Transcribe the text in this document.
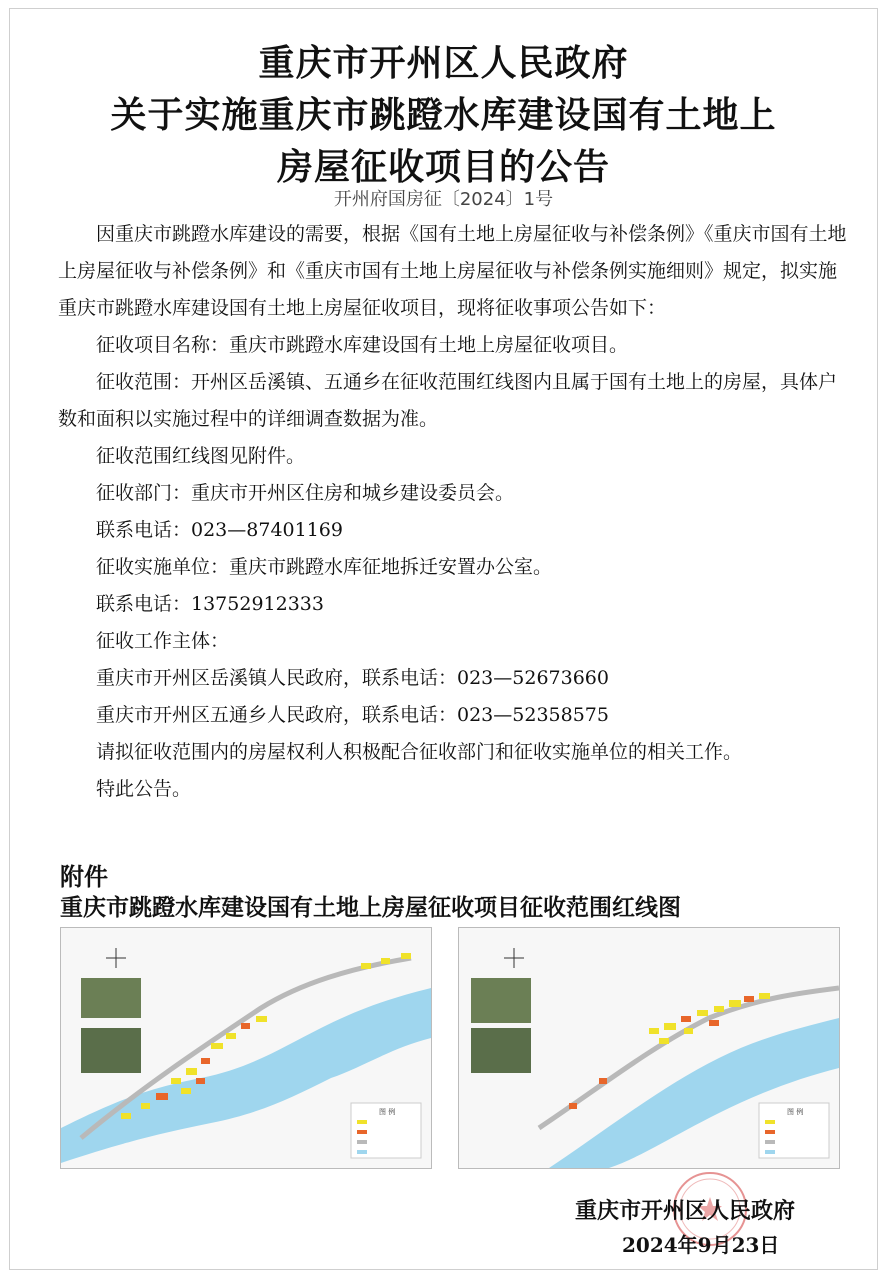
重庆市开州区人民政府
关于实施重庆市跳蹬水库建设国有土地上
房屋征收项目的公告
开州府国房征〔2024〕1号

因重庆市跳蹬水库建设的需要，根据《国有土地上房屋征收与补偿条例》《重庆市国有土地上房屋征收与补偿条例》和《重庆市国有土地上房屋征收与补偿条例实施细则》规定，拟实施重庆市跳蹬水库建设国有土地上房屋征收项目，现将征收事项公告如下：

征收项目名称：重庆市跳蹬水库建设国有土地上房屋征收项目。

征收范围：开州区岳溪镇、五通乡在征收范围红线图内且属于国有土地上的房屋，具体户数和面积以实施过程中的详细调查数据为准。

征收范围红线图见附件。

征收部门：重庆市开州区住房和城乡建设委员会。

联系电话：023—87401169

征收实施单位：重庆市跳蹬水库征地拆迁安置办公室。

联系电话：13752912333

征收工作主体：

重庆市开州区岳溪镇人民政府，联系电话：023—52673660

重庆市开州区五通乡人民政府，联系电话：023—52358575

请拟征收范围内的房屋权利人积极配合征收部门和征收实施单位的相关工作。

特此公告。

附件
重庆市跳蹬水库建设国有土地上房屋征收项目征收范围红线图
图 例	图 例
重庆市开州区人民政府
2024年9月23日
